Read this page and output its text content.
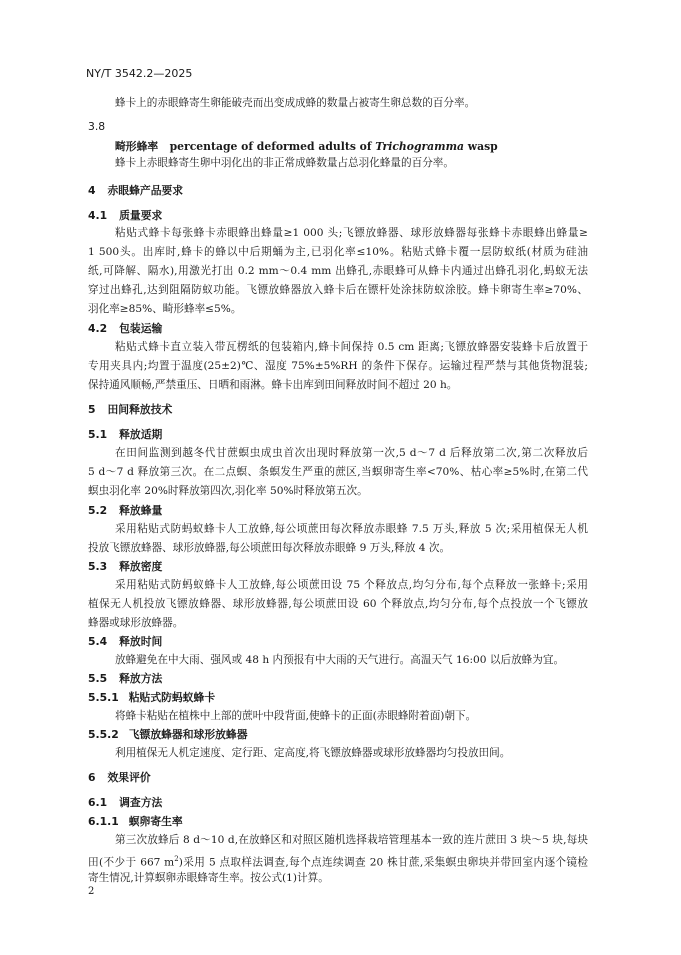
NY/T 3542.2—2025
蜂卡上的赤眼蜂寄生卵能破壳而出变成成蜂的数量占被寄生卵总数的百分率。
3.8
畸形蜂率 percentage of deformed adults of Trichogramma wasp
蜂卡上赤眼蜂寄生卵中羽化出的非正常成蜂数量占总羽化蜂量的百分率。
4 赤眼蜂产品要求
4.1 质量要求
粘贴式蜂卡每张蜂卡赤眼蜂出蜂量≥1 000 头;飞镖放蜂器、球形放蜂器每张蜂卡赤眼蜂出蜂量≥
1 500头。出库时,蜂卡的蜂以中后期蛹为主,已羽化率≤10%。粘贴式蜂卡覆一层防蚁纸(材质为硅油
纸,可降解、隔水),用激光打出 0.2 mm～0.4 mm 出蜂孔,赤眼蜂可从蜂卡内通过出蜂孔羽化,蚂蚁无法
穿过出蜂孔,达到阻隔防蚁功能。飞镖放蜂器放入蜂卡后在镖杆处涂抹防蚁涂胶。蜂卡卵寄生率≥70%、
羽化率≥85%、畸形蜂率≤5%。
4.2 包装运输
粘贴式蜂卡直立装入带瓦楞纸的包装箱内,蜂卡间保持 0.5 cm 距离;飞镖放蜂器安装蜂卡后放置于
专用夹具内;均置于温度(25±2)℃、湿度 75%±5%RH 的条件下保存。运输过程严禁与其他货物混装;
保持通风顺畅,严禁重压、日晒和雨淋。蜂卡出库到田间释放时间不超过 20 h。
5 田间释放技术
5.1 释放适期
在田间监测到越冬代甘蔗螟虫成虫首次出现时释放第一次,5 d～7 d 后释放第二次,第二次释放后
5 d～7 d 释放第三次。在二点螟、条螟发生严重的蔗区,当螟卵寄生率<70%、枯心率≥5%时,在第二代
螟虫羽化率 20%时释放第四次,羽化率 50%时释放第五次。
5.2 释放蜂量
采用粘贴式防蚂蚁蜂卡人工放蜂,每公顷蔗田每次释放赤眼蜂 7.5 万头,释放 5 次;采用植保无人机
投放飞镖放蜂器、球形放蜂器,每公顷蔗田每次释放赤眼蜂 9 万头,释放 4 次。
5.3 释放密度
采用粘贴式防蚂蚁蜂卡人工放蜂,每公顷蔗田设 75 个释放点,均匀分布,每个点释放一张蜂卡;采用
植保无人机投放飞镖放蜂器、球形放蜂器,每公顷蔗田设 60 个释放点,均匀分布,每个点投放一个飞镖放
蜂器或球形放蜂器。
5.4 释放时间
放蜂避免在中大雨、强风或 48 h 内预报有中大雨的天气进行。高温天气 16:00 以后放蜂为宜。
5.5 释放方法
5.5.1 粘贴式防蚂蚁蜂卡
将蜂卡粘贴在植株中上部的蔗叶中段背面,使蜂卡的正面(赤眼蜂附着面)朝下。
5.5.2 飞镖放蜂器和球形放蜂器
利用植保无人机定速度、定行距、定高度,将飞镖放蜂器或球形放蜂器均匀投放田间。
6 效果评价
6.1 调查方法
6.1.1 螟卵寄生率
第三次放蜂后 8 d～10 d,在放蜂区和对照区随机选择栽培管理基本一致的连片蔗田 3 块～5 块,每块
田(不少于 667 $m^2$)采用 5 点取样法调查,每个点连续调查 20 株甘蔗,采集螟虫卵块并带回室内逐个镜检
寄生情况,计算螟卵赤眼蜂寄生率。按公式(1)计算。
2
